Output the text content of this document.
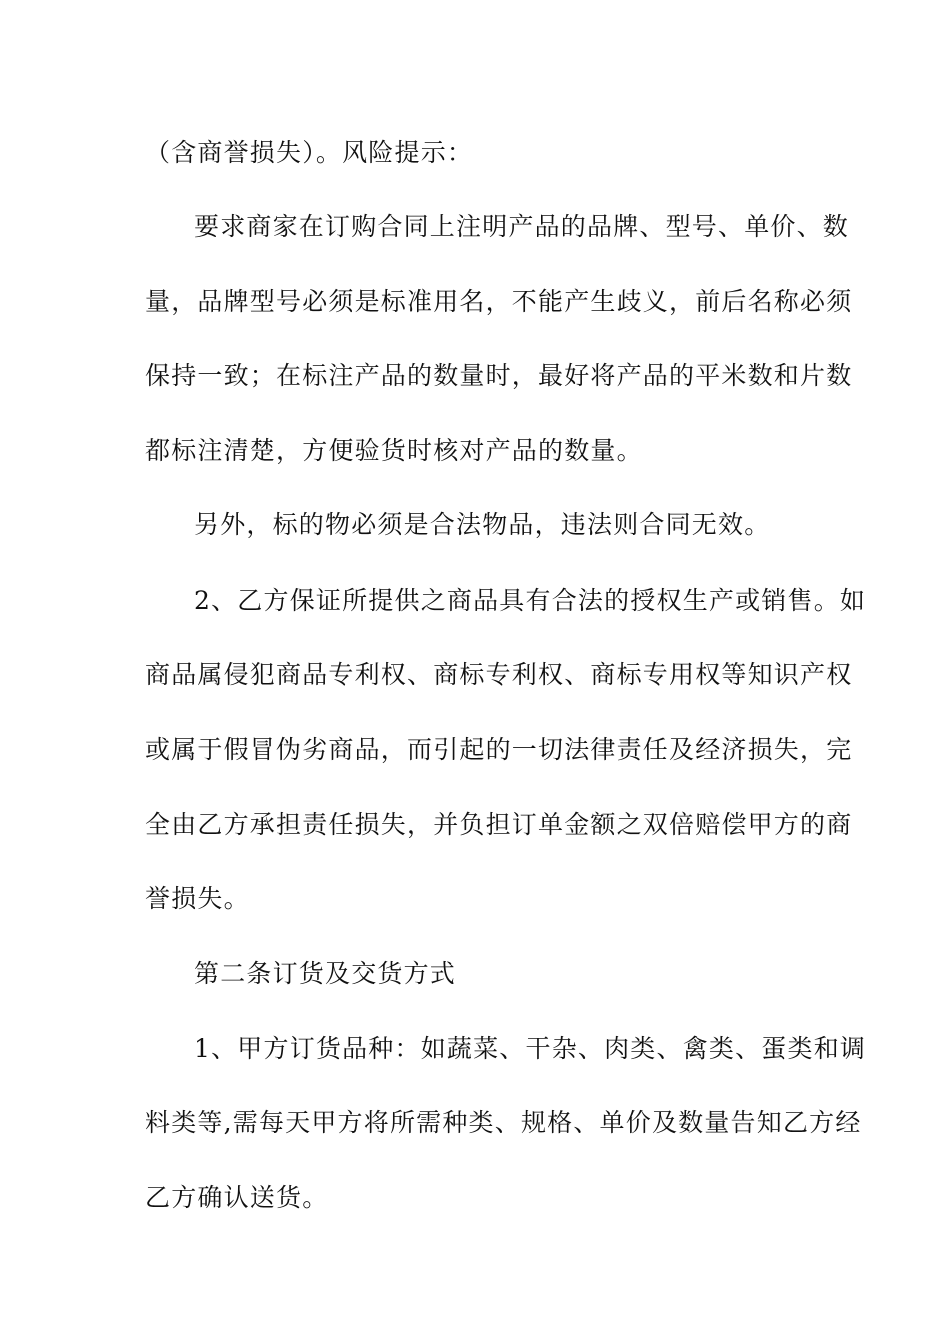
（含商誉损失）。风险提示：
要求商家在订购合同上注明产品的品牌、型号、单价、数
量，品牌型号必须是标准用名，不能产生歧义，前后名称必须
保持一致；在标注产品的数量时，最好将产品的平米数和片数
都标注清楚，方便验货时核对产品的数量。
另外，标的物必须是合法物品，违法则合同无效。
2、乙方保证所提供之商品具有合法的授权生产或销售。如
商品属侵犯商品专利权、商标专利权、商标专用权等知识产权
或属于假冒伪劣商品，而引起的一切法律责任及经济损失，完
全由乙方承担责任损失，并负担订单金额之双倍赔偿甲方的商
誉损失。
第二条订货及交货方式
1、甲方订货品种：如蔬菜、干杂、肉类、禽类、蛋类和调
料类等,需每天甲方将所需种类、规格、单价及数量告知乙方经
乙方确认送货。
